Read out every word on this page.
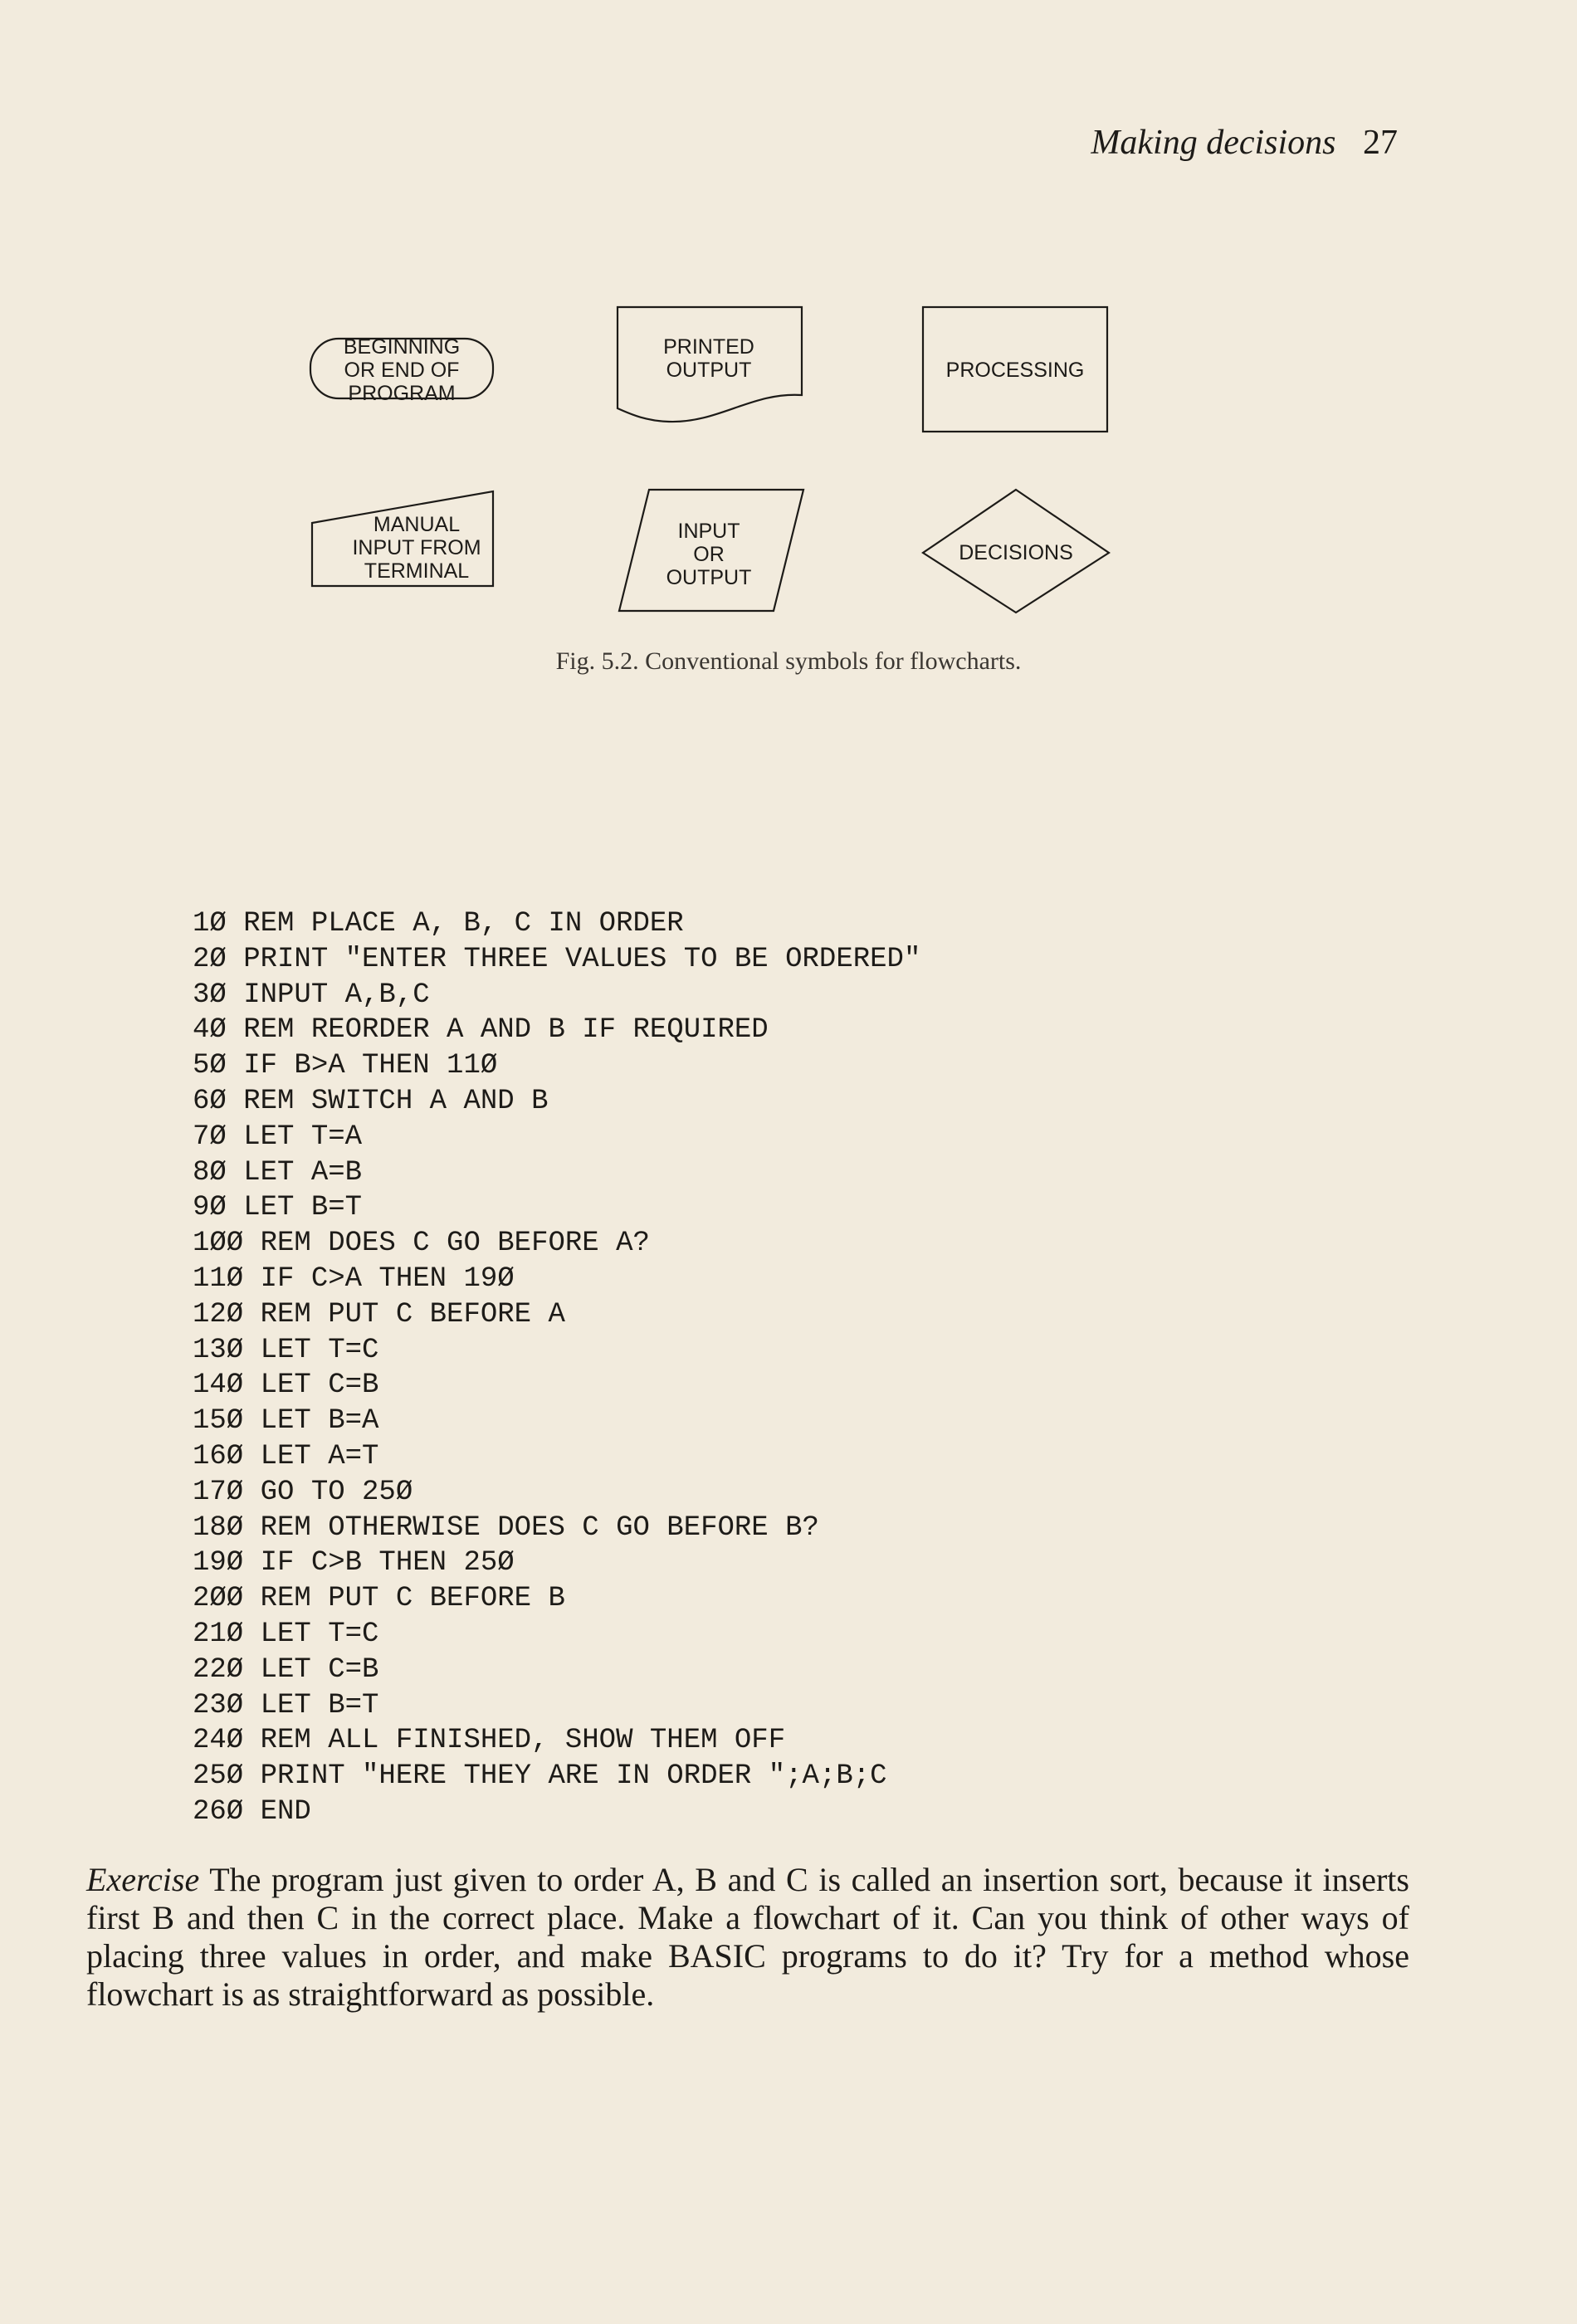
Making decisions 27
BEGINNING
OR END OF
PROGRAM
PRINTED
OUTPUT	PROCESSING
MANUAL
INPUT FROM
TERMINAL
INPUT
OR
OUTPUT
DECISIONS
Fig. 5.2. Conventional symbols for flowcharts.
1Ø REM PLACE A, B, C IN ORDER
2Ø PRINT "ENTER THREE VALUES TO BE ORDERED"
3Ø INPUT A,B,C
4Ø REM REORDER A AND B IF REQUIRED
5Ø IF B>A THEN 11Ø
6Ø REM SWITCH A AND B
7Ø LET T=A
8Ø LET A=B
9Ø LET B=T
1ØØ REM DOES C GO BEFORE A?
11Ø IF C>A THEN 19Ø
12Ø REM PUT C BEFORE A
13Ø LET T=C
14Ø LET C=B
15Ø LET B=A
16Ø LET A=T
17Ø GO TO 25Ø
18Ø REM OTHERWISE DOES C GO BEFORE B?
19Ø IF C>B THEN 25Ø
2ØØ REM PUT C BEFORE B
21Ø LET T=C
22Ø LET C=B
23Ø LET B=T
24Ø REM ALL FINISHED, SHOW THEM OFF
25Ø PRINT "HERE THEY ARE IN ORDER ";A;B;C
26Ø END
Exercise The program just given to order A, B and C is called an insertion sort, because it inserts first B and then C in the correct place. Make a flowchart of it. Can you think of other ways of placing three values in order, and make BASIC programs to do it? Try for a method whose flowchart is as straightforward as possible.
